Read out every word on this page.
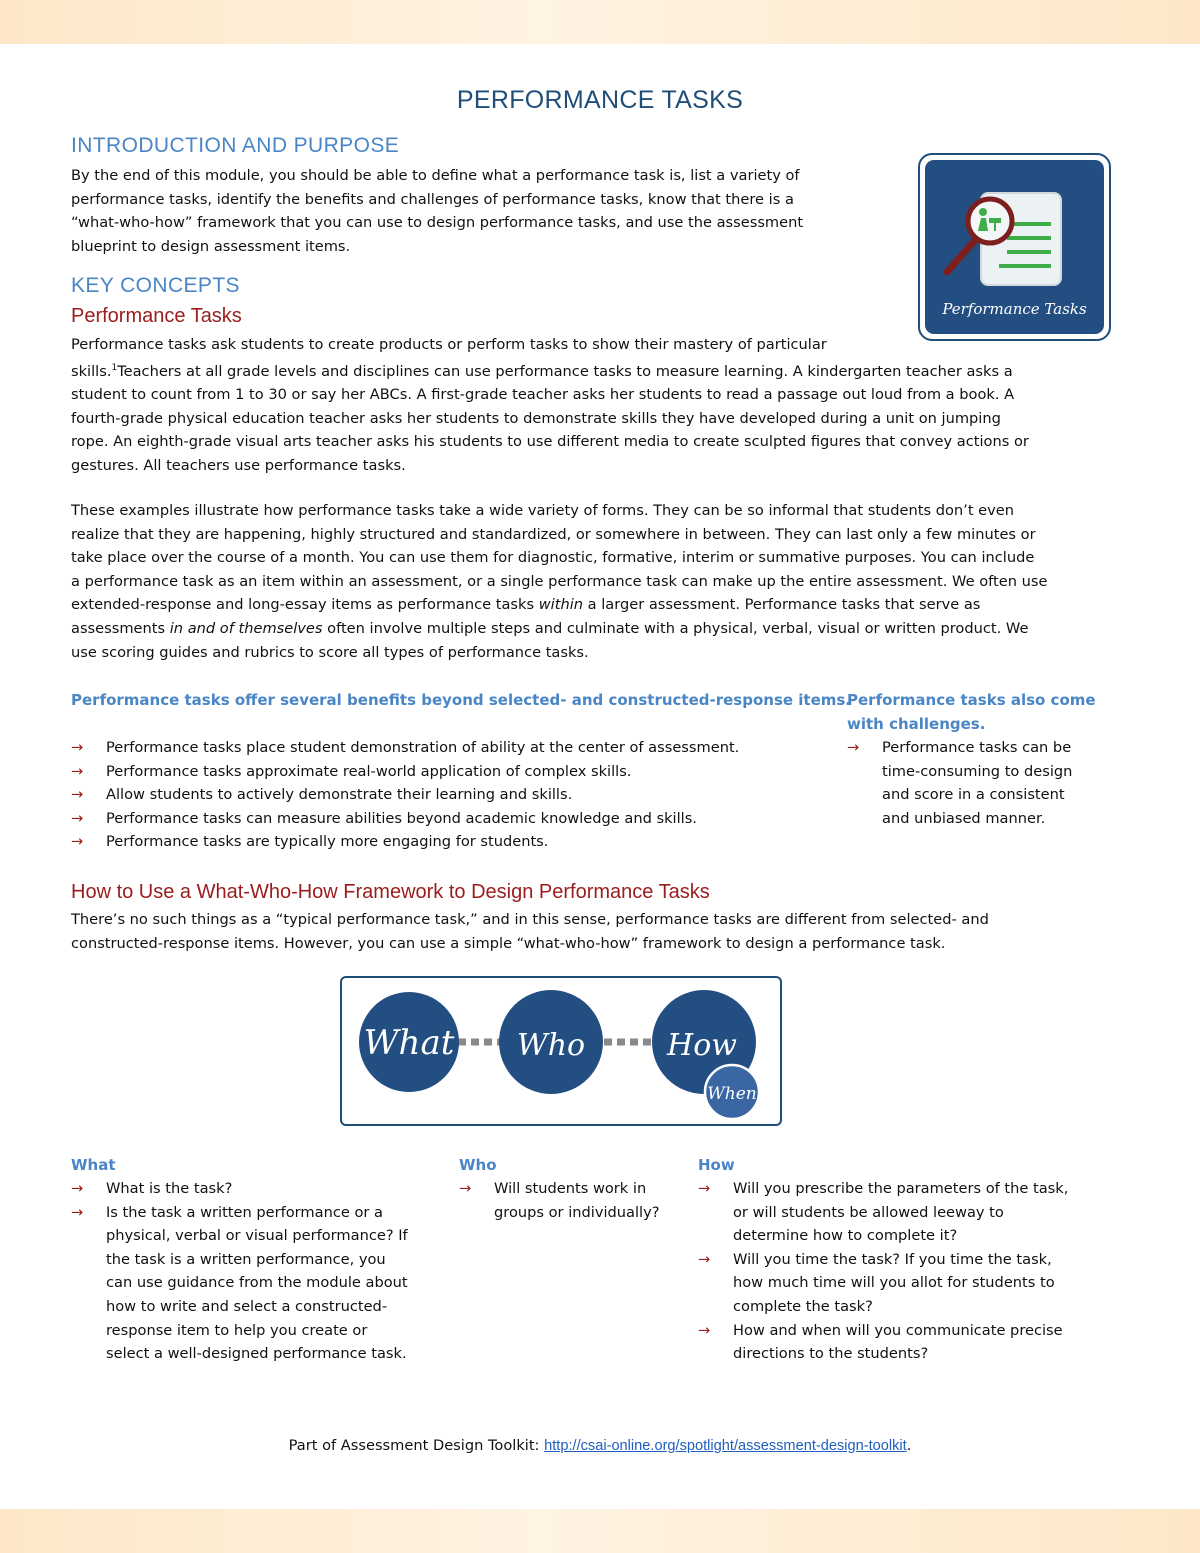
PERFORMANCE TASKS
INTRODUCTION AND PURPOSE
By the end of this module, you should be able to define what a performance task is, list a variety of
performance tasks, identify the benefits and challenges of performance tasks, know that there is a
“what-who-how” framework that you can use to design performance tasks, and use the assessment
blueprint to design assessment items.
Performance Tasks
KEY CONCEPTS
Performance Tasks
Performance tasks ask students to create products or perform tasks to show their mastery of particular
skills.$^1$Teachers at all grade levels and disciplines can use performance tasks to measure learning. A kindergarten teacher asks a
student to count from 1 to 30 or say her ABCs. A first-grade teacher asks her students to read a passage out loud from a book. A
fourth-grade physical education teacher asks her students to demonstrate skills they have developed during a unit on jumping
rope. An eighth-grade visual arts teacher asks his students to use different media to create sculpted figures that convey actions or
gestures. All teachers use performance tasks.
These examples illustrate how performance tasks take a wide variety of forms. They can be so informal that students don’t even
realize that they are happening, highly structured and standardized, or somewhere in between. They can last only a few minutes or
take place over the course of a month. You can use them for diagnostic, formative, interim or summative purposes. You can include
a performance task as an item within an assessment, or a single performance task can make up the entire assessment. We often use
extended-response and long-essay items as performance tasks within a larger assessment. Performance tasks that serve as
assessments in and of themselves often involve multiple steps and culminate with a physical, verbal, visual or written product. We
use scoring guides and rubrics to score all types of performance tasks.
Performance tasks offer several benefits beyond selected- and constructed-response items.
→ Performance tasks place student demonstration of ability at the center of assessment.
→ Performance tasks approximate real-world application of complex skills.
→ Allow students to actively demonstrate their learning and skills.
→ Performance tasks can measure abilities beyond academic knowledge and skills.
→ Performance tasks are typically more engaging for students.
Performance tasks also come
with challenges.
→ Performance tasks can be
time-consuming to design
and score in a consistent
and unbiased manner.
How to Use a What-Who-How Framework to Design Performance Tasks
There’s no such things as a “typical performance task,” and in this sense, performance tasks are different from selected- and
constructed-response items. However, you can use a simple “what-who-how” framework to design a performance task.
What Who	How
When
What
→ What is the task?
→ Is the task a written performance or a
physical, verbal or visual performance? If
the task is a written performance, you
can use guidance from the module about
how to write and select a constructed-
response item to help you create or
select a well-designed performance task.
Who
→ Will students work in
groups or individually?
How
→ Will you prescribe the parameters of the task,
or will students be allowed leeway to
determine how to complete it?
→ Will you time the task? If you time the task,
how much time will you allot for students to
complete the task?
→ How and when will you communicate precise
directions to the students?
Part of Assessment Design Toolkit: http://csai-online.org/spotlight/assessment-design-toolkit.
